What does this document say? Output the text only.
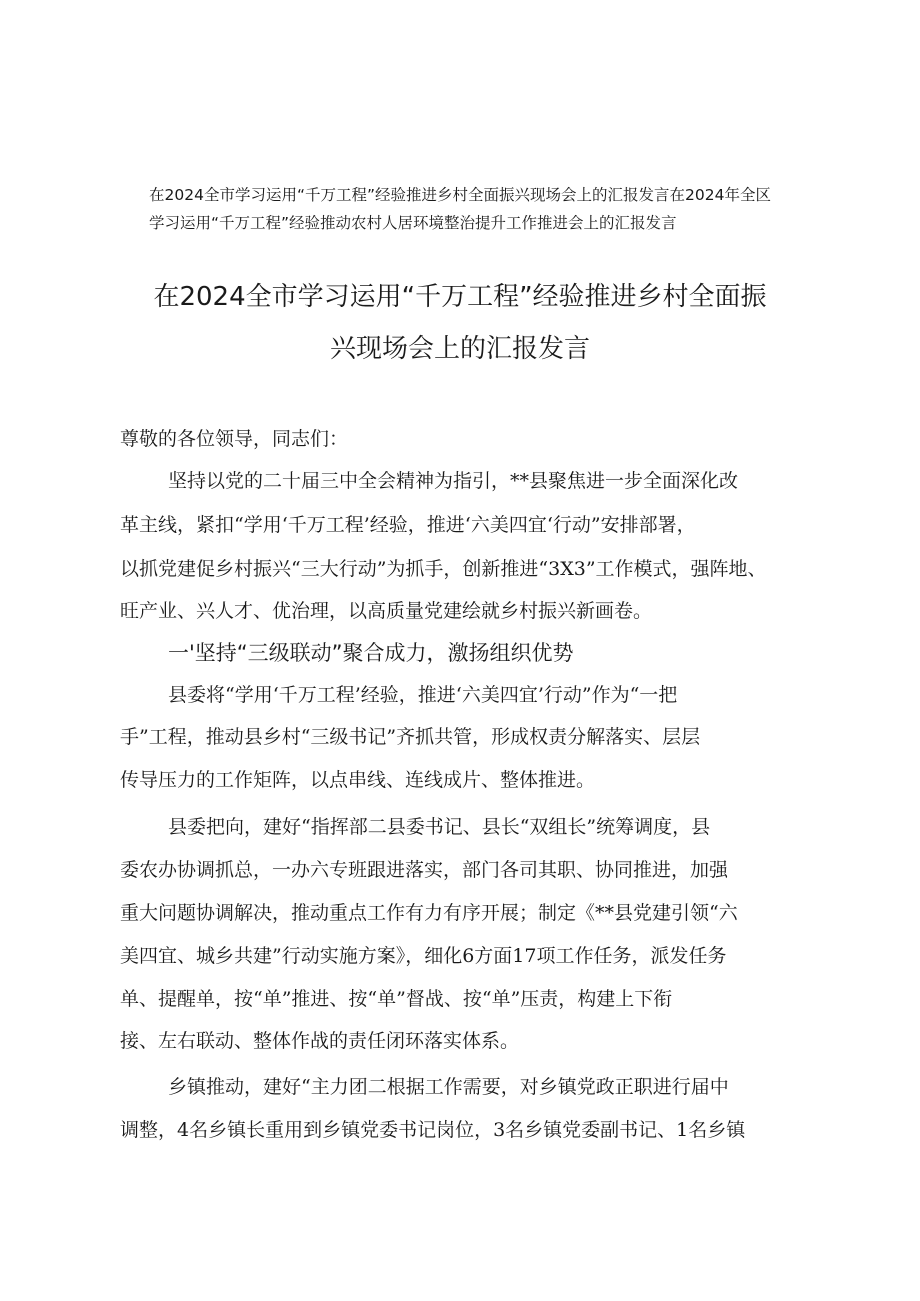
在2024全市学习运用“千万工程”经验推进乡村全面振兴现场会上的汇报发言在2024年全区
学习运用“千万工程”经验推动农村人居环境整治提升工作推进会上的汇报发言
在2024全市学习运用“千万工程”经验推进乡村全面振
兴现场会上的汇报发言
尊敬的各位领导，同志们：
坚持以党的二十届三中全会精神为指引，**县聚焦进一步全面深化改
革主线，紧扣“学用‘千万工程’经验，推进‘六美四宜‘行动”安排部署，
以抓党建促乡村振兴“三大行动”为抓手，创新推进“3X3”工作模式，强阵地、
旺产业、兴人才、优治理，以高质量党建绘就乡村振兴新画卷。
一'坚持“三级联动”聚合成力，激扬组织优势
县委将“学用‘千万工程’经验，推进‘六美四宜’行动”作为“一把
手”工程，推动县乡村“三级书记”齐抓共管，形成权责分解落实、层层
传导压力的工作矩阵，以点串线、连线成片、整体推进。
县委把向，建好“指挥部二县委书记、县长“双组长”统筹调度，县
委农办协调抓总，一办六专班跟进落实，部门各司其职、协同推进，加强
重大问题协调解决，推动重点工作有力有序开展；制定《**县党建引领“六
美四宜、城乡共建”行动实施方案》，细化6方面17项工作任务，派发任务
单、提醒单，按“单”推进、按“单”督战、按“单”压责，构建上下衔
接、左右联动、整体作战的责任闭环落实体系。
乡镇推动，建好“主力团二根据工作需要，对乡镇党政正职进行届中
调整，4名乡镇长重用到乡镇党委书记岗位，3名乡镇党委副书记、1名乡镇
